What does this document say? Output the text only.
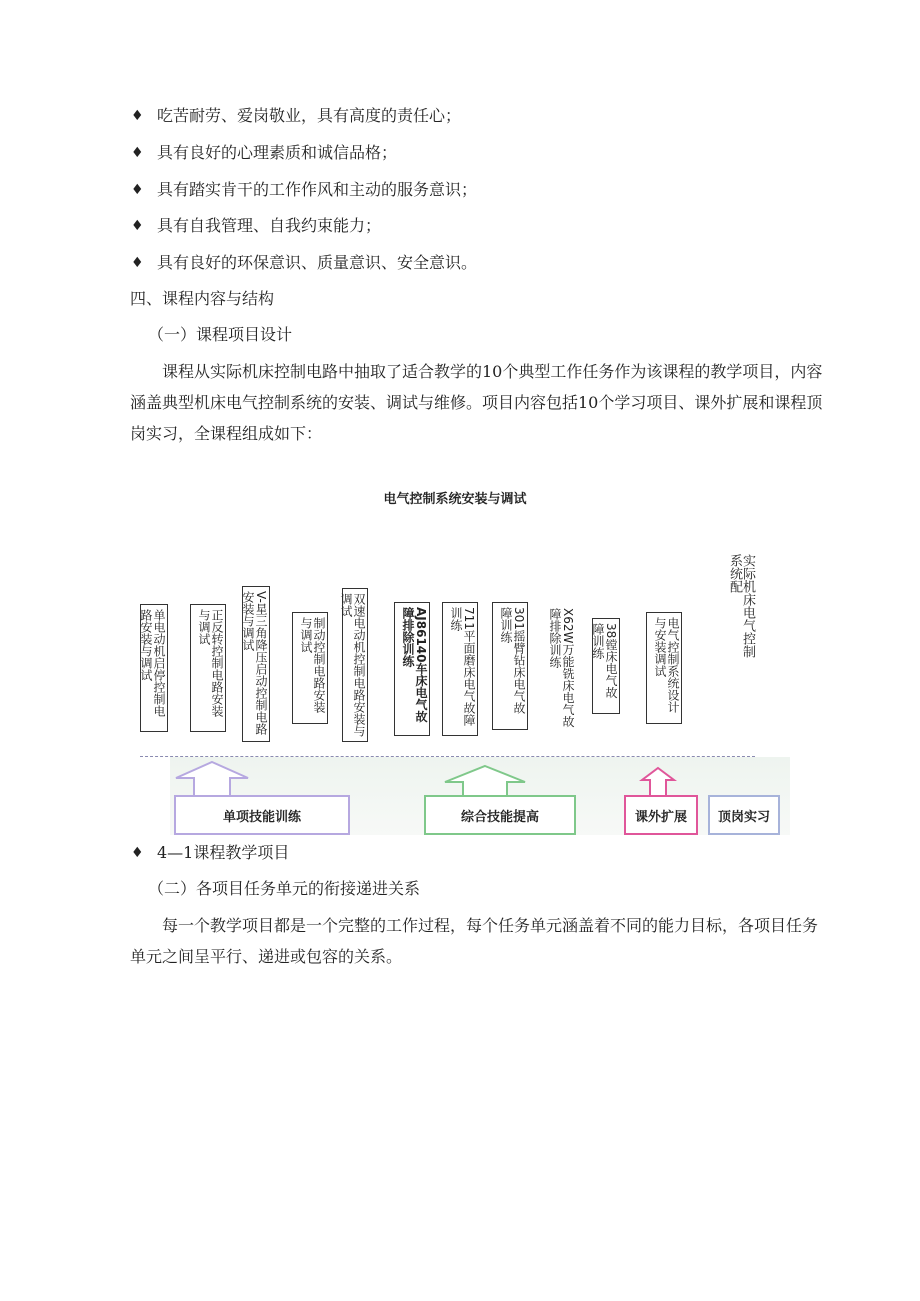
♦ 吃苦耐劳、爱岗敬业，具有高度的责任心；
♦ 具有良好的心理素质和诚信品格；
♦ 具有踏实肯干的工作作风和主动的服务意识；
♦ 具有自我管理、自我约束能力；
♦ 具有良好的环保意识、质量意识、安全意识。
四、课程内容与结构
（一）课程项目设计
课程从实际机床控制电路中抽取了适合教学的10个典型工作任务作为该课程的教学项目，内容涵盖典型机床电气控制系统的安装、调试与维修。项目内容包括10个学习项目、课外扩展和课程顶岗实习，全课程组成如下：
电气控制系统安装与调试
单电动机启停控制电路安装与调试	正反转控制电路安装与调试	V-星三角降压启动控制电路安装与调试	制动控制电路安装与调试	双速电动机控制电路安装与调试
AJ86140车床电气故障排除训练	711平面磨床电气故障训练	301摇臂钻床电气故障训练	X62W万能铣床电气故障排除训练	38镗床电气故障训练	电气控制系统设计与安装调试	实际机床电气控制系统配
单项技能训练	综合技能提高	课外扩展	顶岗实习
♦ 4—1课程教学项目
（二）各项目任务单元的衔接递进关系
每一个教学项目都是一个完整的工作过程，每个任务单元涵盖着不同的能力目标，各项目任务单元之间呈平行、递进或包容的关系。
